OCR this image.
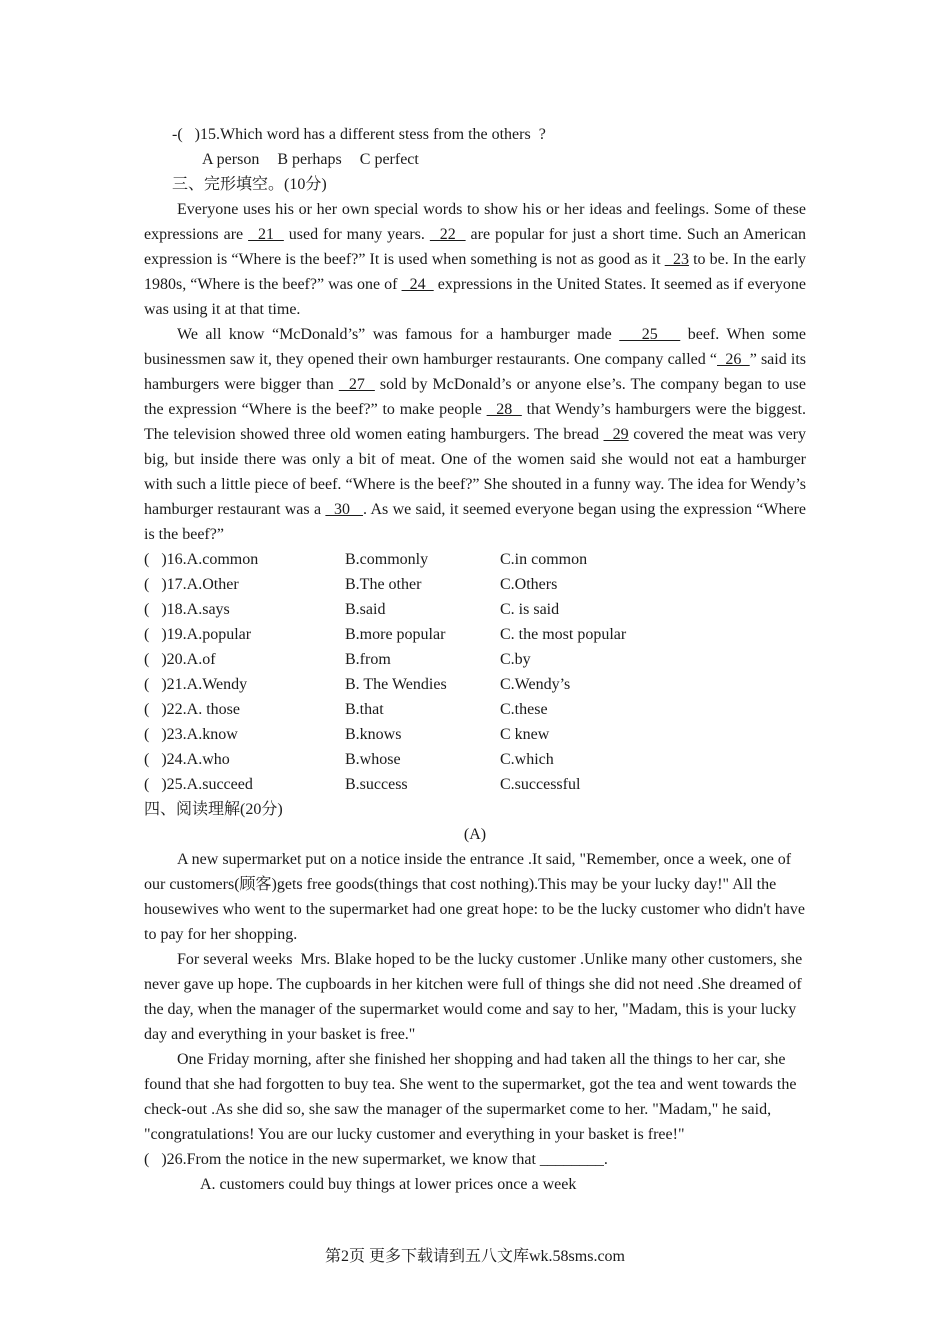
-(   )15.Which word has a different stess from the others  ?
A person B perhaps C perfect
三、完形填空。(10分)

Everyone uses his or her own special words to show his or her ideas and feelings. Some of these expressions are   21   used for many years.   22   are popular for just a short time. Such an American expression is “Where is the beef?” It is used when something is not as good as it   23 to be. In the early 1980s, “Where is the beef?” was one of   24   expressions in the United States. It seemed as if everyone was using it at that time.

We all know “McDonald’s” was famous for a hamburger made    25    beef. When some businessmen saw it, they opened their own hamburger restaurants. One company called “  26  ” said its hamburgers were bigger than   27   sold by McDonald’s or anyone else’s. The company began to use the expression “Where is the beef?” to make people   28   that Wendy’s hamburgers were the biggest. The television showed three old women eating hamburgers. The bread   29 covered the meat was very big, but inside there was only a bit of meat. One of the women said she would not eat a hamburger with such a little piece of beef. “Where is the beef?” She shouted in a funny way. The idea for Wendy’s hamburger restaurant was a   30   . As we said, it seemed everyone began using the expression “Where is the beef?”

(   )16.A.common	B.commonly	C.in common
(   )17.A.Other	B.The other	C.Others
(   )18.A.says	B.said	C. is said
(   )19.A.popular	B.more popular	C. the most popular
(   )20.A.of	B.from	C.by
(   )21.A.Wendy	B. The Wendies	C.Wendy’s
(   )22.A. those	B.that	C.these
(   )23.A.know	B.knows	C knew
(   )24.A.who	B.whose	C.which
(   )25.A.succeed	B.success	C.successful
四、阅读理解(20分)
(A)

A new supermarket put on a notice inside the entrance .It said, "Remember, once a week, one of our customers(顾客)gets free goods(things that cost nothing).This may be your lucky day!" All the housewives who went to the supermarket had one great hope: to be the lucky customer who didn't have to pay for her shopping.

For several weeks  Mrs. Blake hoped to be the lucky customer .Unlike many other customers, she never gave up hope. The cupboards in her kitchen were full of things she did not need .She dreamed of the day, when the manager of the supermarket would come and say to her, "Madam, this is your lucky day and everything in your basket is free."

One Friday morning, after she finished her shopping and had taken all the things to her car, she found that she had forgotten to buy tea. She went to the supermarket, got the tea and went towards the check-out .As she did so, she saw the manager of the supermarket come to her. "Madam," he said, "congratulations! You are our lucky customer and everything in your basket is free!"

(   )26.From the notice in the new supermarket, we know that ________.
A. customers could buy things at lower prices once a week
第2页 更多下载请到五八文库wk.58sms.com
